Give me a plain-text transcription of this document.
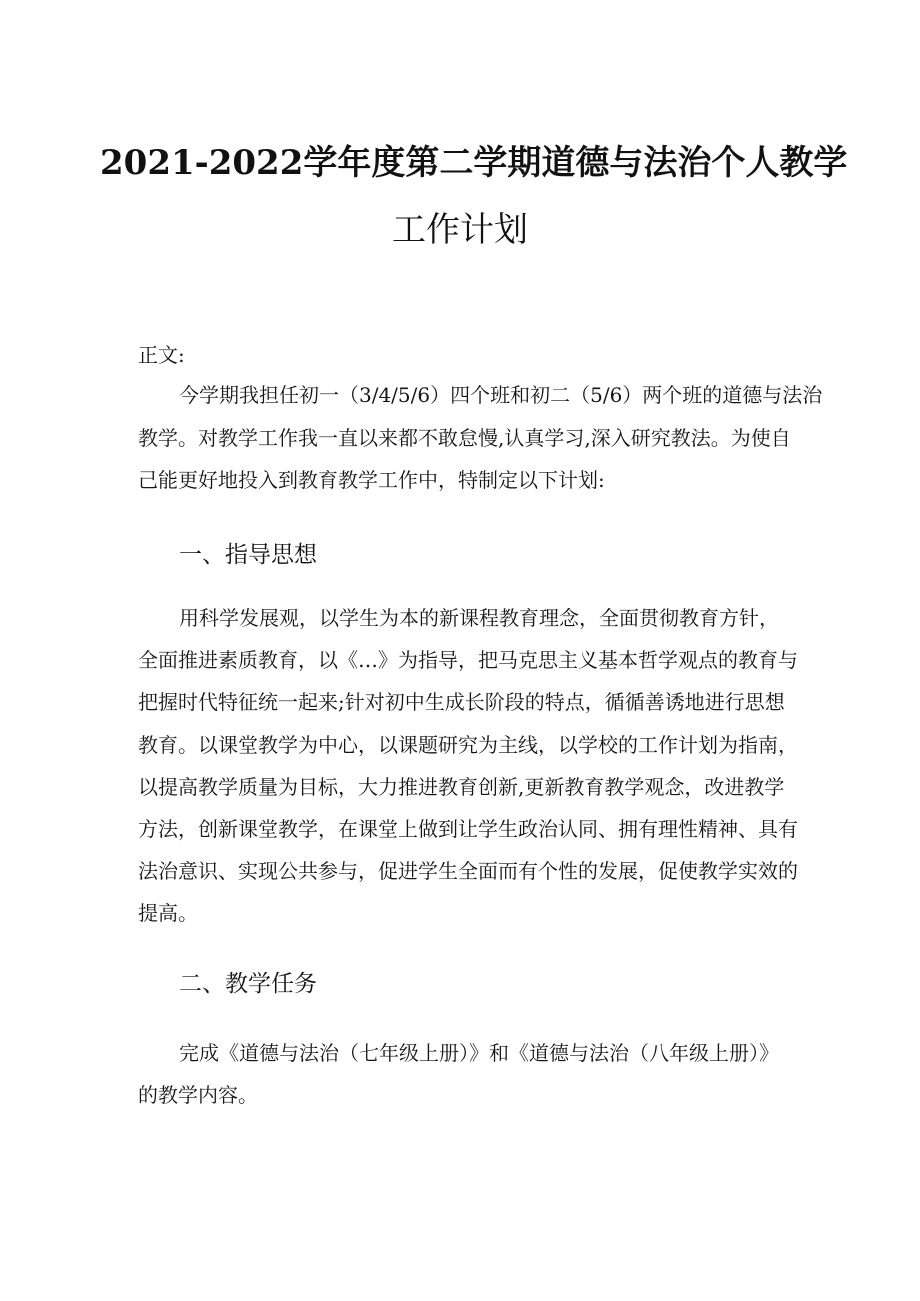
2021-2022学年度第二学期道德与法治个人教学
工作计划
正文:
今学期我担任初一（3/4/5/6）四个班和初二（5/6）两个班的道德与法治
教学。对教学工作我一直以来都不敢怠慢,认真学习,深入研究教法。为使自
己能更好地投入到教育教学工作中，特制定以下计划:
一、指导思想
用科学发展观，以学生为本的新课程教育理念，全面贯彻教育方针，
全面推进素质教育，以《…》为指导，把马克思主义基本哲学观点的教育与
把握时代特征统一起来;针对初中生成长阶段的特点，循循善诱地进行思想
教育。以课堂教学为中心，以课题研究为主线，以学校的工作计划为指南，
以提高教学质量为目标，大力推进教育创新,更新教育教学观念，改进教学
方法，创新课堂教学，在课堂上做到让学生政治认同、拥有理性精神、具有
法治意识、实现公共参与，促进学生全面而有个性的发展，促使教学实效的
提高。
二、教学任务
完成《道德与法治（七年级上册）》和《道德与法治（八年级上册）》
的教学内容。
